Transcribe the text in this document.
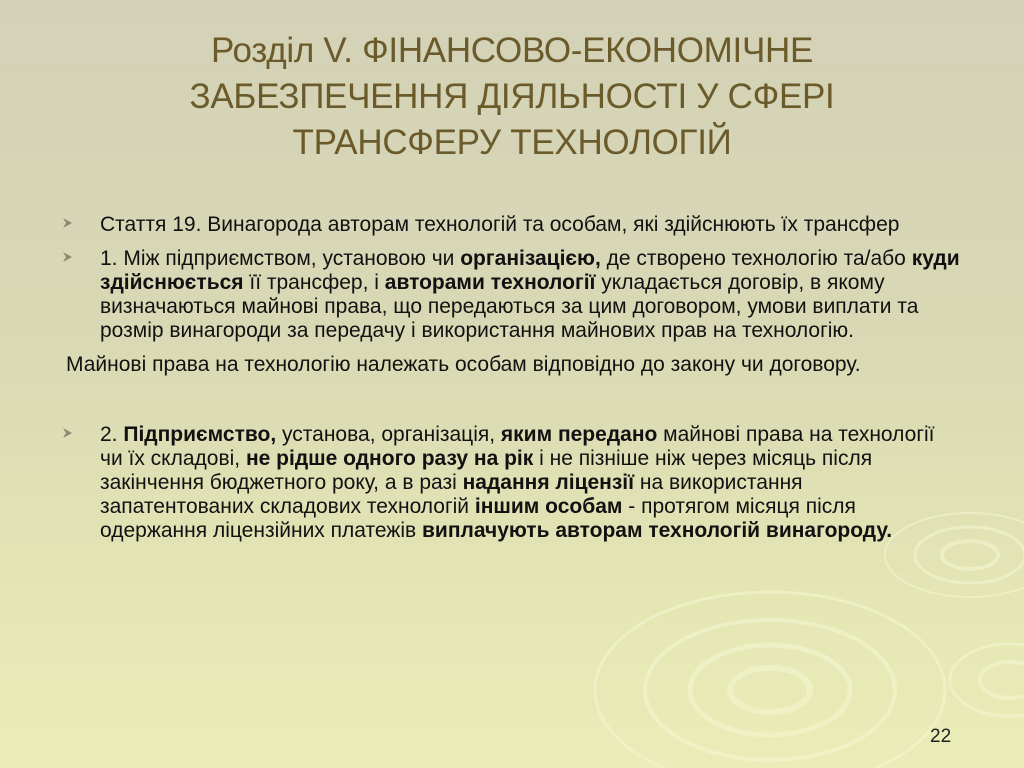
Розділ V. ФІНАНСОВО-ЕКОНОМІЧНЕ
ЗАБЕЗПЕЧЕННЯ ДІЯЛЬНОСТІ У СФЕРІ
ТРАНСФЕРУ ТЕХНОЛОГІЙ
Стаття 19. Винагорода авторам технологій та особам, які здійснюють їх трансфер
1. Між підприємством, установою чи організацією, де створено технологію та/або куди здійснюється її трансфер, і авторами технології укладається договір, в якому визначаються майнові права, що передаються за цим договором, умови виплати та розмір винагороди за передачу і використання майнових прав на технологію.
Майнові права на технологію належать особам відповідно до закону чи договору.
2. Підприємство, установа, організація, яким передано майнові права на технології чи їх складові, не рідше одного разу на рік і не пізніше ніж через місяць після закінчення бюджетного року, а в разі надання ліцензії на використання запатентованих складових технологій іншим особам - протягом місяця після одержання ліцензійних платежів виплачують авторам технологій винагороду.
22
